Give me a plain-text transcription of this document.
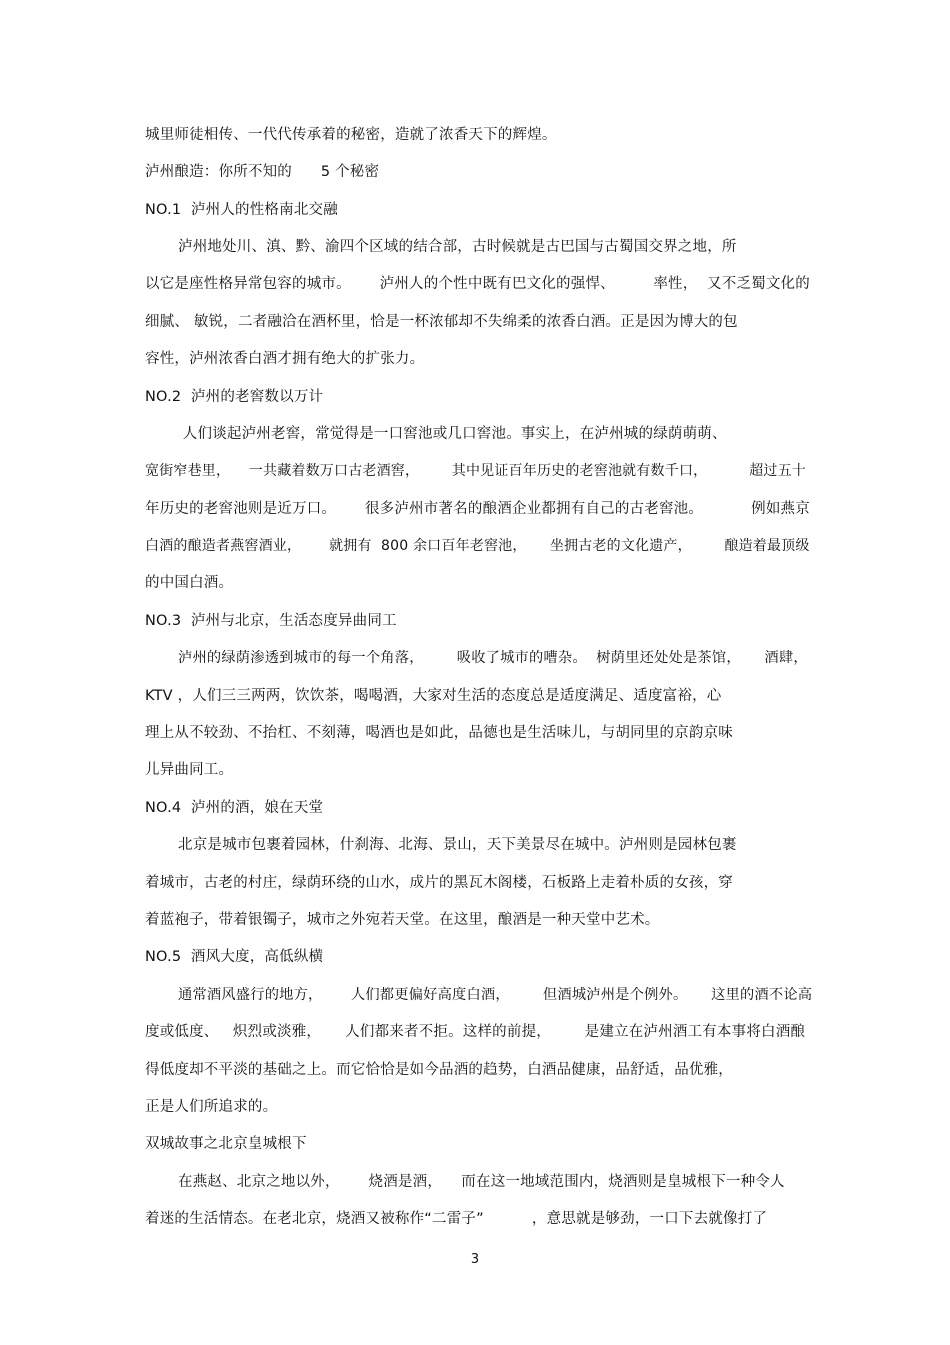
城里师徒相传、一代代传承着的秘密，造就了浓香天下的辉煌。
泸州酿造：你所不知的      5 个秘密
NO.1  泸州人的性格南北交融
泸州地处川、滇、黔、渝四个区域的结合部，古时候就是古巴国与古蜀国交界之地，所
以它是座性格异常包容的城市。      泸州人的个性中既有巴文化的强悍、        率性，  又不乏蜀文化的
细腻、 敏锐，二者融洽在酒杯里，恰是一杯浓郁却不失绵柔的浓香白酒。正是因为博大的包
容性，泸州浓香白酒才拥有绝大的扩张力。
NO.2  泸州的老窖数以万计
人们谈起泸州老窖，常觉得是一口窖池或几口窖池。事实上，在泸州城的绿荫萌萌、
宽街窄巷里，    一共藏着数万口古老酒窖，       其中见证百年历史的老窖池就有数千口，         超过五十
年历史的老窖池则是近万口。      很多泸州市著名的酿酒企业都拥有自己的古老窖池。          例如燕京
白酒的酿造者燕窖酒业，      就拥有  800 余口百年老窖池，     坐拥古老的文化遗产，       酿造着最顶级
的中国白酒。
NO.3  泸州与北京，生活态度异曲同工
泸州的绿荫渗透到城市的每一个角落，       吸收了城市的嘈杂。  树荫里还处处是茶馆，     酒肆，
KTV ，人们三三两两，饮饮茶，喝喝酒，大家对生活的态度总是适度满足、适度富裕，心
理上从不较劲、不抬杠、不刻薄，喝酒也是如此，品德也是生活味儿，与胡同里的京韵京味
儿异曲同工。
NO.4  泸州的酒，娘在天堂
北京是城市包裹着园林，什刹海、北海、景山，天下美景尽在城中。泸州则是园林包裹
着城市，古老的村庄，绿荫环绕的山水，成片的黑瓦木阁楼，石板路上走着朴质的女孩，穿
着蓝袍子，带着银镯子，城市之外宛若天堂。在这里，酿酒是一种天堂中艺术。
NO.5  酒风大度，高低纵横
通常酒风盛行的地方，      人们都更偏好高度白酒，       但酒城泸州是个例外。     这里的酒不论高
度或低度、   炽烈或淡雅，     人们都来者不拒。这样的前提，       是建立在泸州酒工有本事将白酒酿
得低度却不平淡的基础之上。而它恰恰是如今品酒的趋势，白酒品健康，品舒适，品优雅，
正是人们所追求的。
双城故事之北京皇城根下
在燕赵、北京之地以外，      烧酒是酒，    而在这一地域范围内，烧酒则是皇城根下一种令人
着迷的生活情态。在老北京，烧酒又被称作“二雷子”          ，意思就是够劲，一口下去就像打了
3
